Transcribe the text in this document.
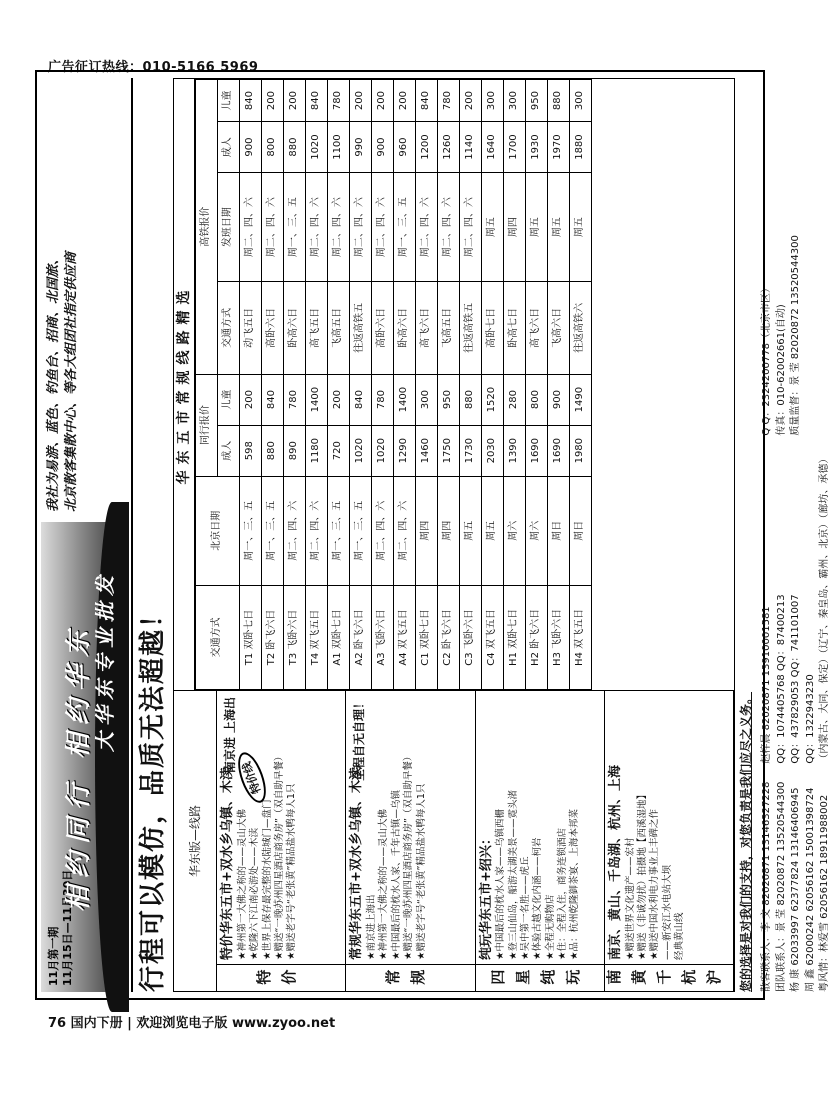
广告征订热线：010-5166 5969
11月第一期 11月15日—11月30日
相约同行 相约华东 大华东专业批发
我社为易游、蓝色、钓鱼台、招商、北国旅、 北京散客集散中心、等各大组团社指定供应商
行程可以模仿，品质无法超越！	华东版—线路
特价
特价华东五市+双水乡乌镇、木渎 ★神州第一大佛之称的——灵山大佛 ★乾隆六下江南必游处——木渎 ★世界上保存最完整的水陆城门—盘门 ★赠送“一晚苏州四星酒店商务房”（双自助早餐） ★赠送老字号“老张黄”精品盐水鸭每人1只
南京进 上海出
特价线
常规
常规华东五市+双水乡乌镇、木渎 ★南京进上海出 ★神州第一大佛之称的——灵山大佛 ★中国最后的枕水人家、千年古镇—乌镇 ★赠送“一晚苏州四星酒店商务房”（双自助早餐） ★赠送老字号“老张黄”精品盐水鸭每人1只
全程自无自理！
四星纯玩
纯玩华东五市+绍兴： ★中国最后的枕水人家——乌镇西栅 ★登三山仙岛，船游太湖美景——霓头渚 ★吴中第一名胜——虎丘 ★体验古越文化内涵——柯岩 ★全程无购物店 ★住：全程入住，商务连锁酒店 ★品：杭州乾隆御茶宴、上海本邦菜
南黄千杭沪
南京、黄山、千岛湖、杭州、上海 ★赠送世界文化遗产——宏村 ★赠送（非诚勿扰）拍摄地【西溪湿地】 ★赠送中国水利电力事业上丰碑之作 ——新安江水电站大坝 经典黄山线
华东五市常规线路精选
交通方式	北京日期	同行报价		高铁报价			
		成人	儿童	交通方式	发班日期	成人	儿童
T1 双卧七日	周一、三、五	598	200	动飞五日	周二、四、六	900	840
T2 卧飞六日	周一、三、五	880	840	高卧六日	周二、四、六	800	200
T3 飞卧六日	周二、四、六	890	780	卧高六日	周一、三、五	880	200
T4 双飞五日	周二、四、六	1180	1400	高飞五日	周二、四、六	1020	840
A1 双卧七日	周一、三、五	720	200	飞高五日	周二、四、六	1100	780
A2 卧飞六日	周一、三、五	1020	840	往返高铁五	周二、四、六	990	200
A3 飞卧六日	周二、四、六	1020	780	高卧六日	周二、四、六	900	200
A4 双飞五日	周二、四、六	1290	1400	卧高六日	周一、三、五	960	200
C1 双卧七日	周四	1460	300	高飞六日	周二、四、六	1200	840
C2 卧飞六日	周四	1750	950	飞高五日	周二、四、六	1260	780
C3 飞卧六日	周五	1730	880	往返高铁五	周二、四、六	1140	200
C4 双飞五日	周五	2030	1520	高卧七日	周五	1640	300
H1 双卧七日	周六	1390	280	卧高七日	周四	1700	300
H2 卧飞六日	周六	1690	800	高飞六日	周五	1930	950
H3 飞卧六日	周日	1690	900	飞高六日	周五	1970	880
H4 双飞五日	周日	1980	1490	往返高铁六	周五	1880	300
您的选择是对我们的支持，对您负责是我们应尽之义务。 散客联系人：李 文 82020871 13146327228 团队联系人：景 莹 82020872 13520544300 杨 康 62033997 62377824 13146406945 周 鑫 62000242 62056162 15001398724 粤风情：林爱雪 62056162 18911988002
赵梓晨 82020871 13910001581 QQ：1074405768 QQ：87400213 QQ：437829053 QQ：741101007 QQ：1322943230 （内蒙古、大同、保定）（辽宁、秦皇岛、霸州、北京）（廊坊、承德）
Q Q：2324200778（北京市区） 传真：010-62002661(自动) 质量监督：景 莹 82020872 13520544300
76 国内下册 | 欢迎浏览电子版 www.zyoo.net
